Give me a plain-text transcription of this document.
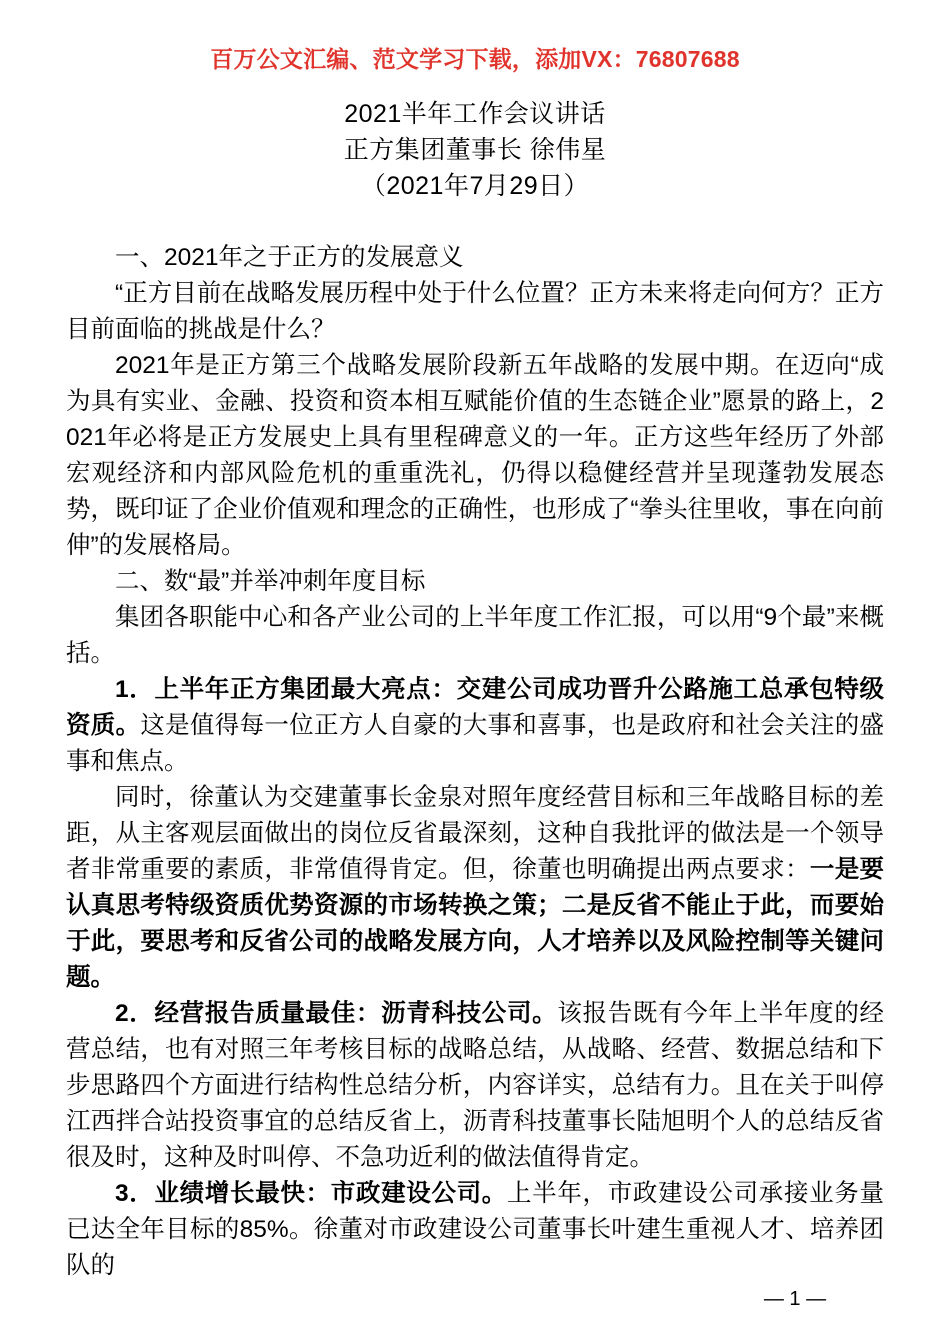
百万公文汇编、范文学习下载，添加VX：76807688
2021半年工作会议讲话
正方集团董事长 徐伟星
（2021年7月29日）

一、2021年之于正方的发展意义

“正方目前在战略发展历程中处于什么位置？正方未来将走向何方？正方目前面临的挑战是什么？

2021年是正方第三个战略发展阶段新五年战略的发展中期。在迈向“成为具有实业、金融、投资和资本相互赋能价值的生态链企业”愿景的路上，2021年必将是正方发展史上具有里程碑意义的一年。正方这些年经历了外部宏观经济和内部风险危机的重重洗礼，仍得以稳健经营并呈现蓬勃发展态势，既印证了企业价值观和理念的正确性，也形成了“拳头往里收，事在向前伸”的发展格局。

二、数“最”并举冲刺年度目标

集团各职能中心和各产业公司的上半年度工作汇报，可以用“9个最”来概括。

1．上半年正方集团最大亮点：交建公司成功晋升公路施工总承包特级资质。这是值得每一位正方人自豪的大事和喜事，也是政府和社会关注的盛事和焦点。

同时，徐董认为交建董事长金泉对照年度经营目标和三年战略目标的差距，从主客观层面做出的岗位反省最深刻，这种自我批评的做法是一个领导者非常重要的素质，非常值得肯定。但，徐董也明确提出两点要求：一是要认真思考特级资质优势资源的市场转换之策；二是反省不能止于此，而要始于此，要思考和反省公司的战略发展方向，人才培养以及风险控制等关键问题。

2．经营报告质量最佳：沥青科技公司。该报告既有今年上半年度的经营总结，也有对照三年考核目标的战略总结，从战略、经营、数据总结和下步思路四个方面进行结构性总结分析，内容详实，总结有力。且在关于叫停江西拌合站投资事宜的总结反省上，沥青科技董事长陆旭明个人的总结反省很及时，这种及时叫停、不急功近利的做法值得肯定。

3．业绩增长最快：市政建设公司。上半年，市政建设公司承接业务量已达全年目标的85%。徐董对市政建设公司董事长叶建生重视人才、培养团队的

— 1 —
